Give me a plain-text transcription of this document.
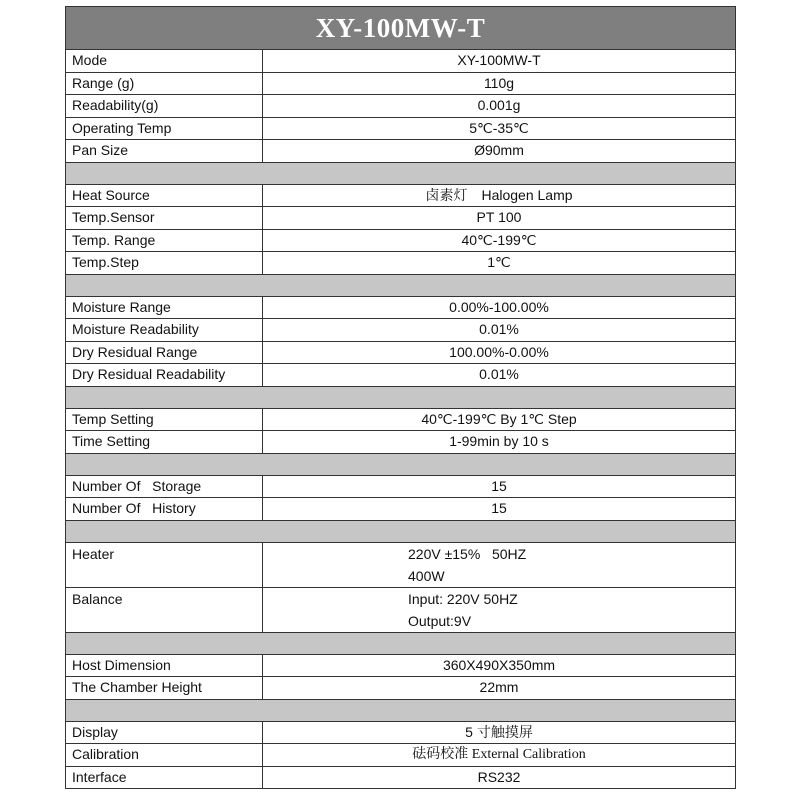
XY-100MW-T	
Mode	XY-100MW-T
Range (g)	110g
Readability(g)	0.001g
Operating Temp	5℃-35℃
Pan Size	Ø90mm

Heat Source	卤素灯　Halogen Lamp
Temp.Sensor	PT 100
Temp. Range	40℃-199℃
Temp.Step	1℃

Moisture Range	0.00%-100.00%
Moisture Readability	0.01%
Dry Residual Range	100.00%-0.00%
Dry Residual Readability	0.01%

Temp Setting	40℃-199℃ By 1℃ Step
Time Setting	1-99min by 10 s

Number Of   Storage	15
Number Of   History	15

Heater	220V ±15%   50HZ
400W

Balance	Input: 220V 50HZ
Output:9V

Host Dimension	360X490X350mm
The Chamber Height	22mm

Display	5 寸触摸屏
Calibration	砝码校准 External Calibration
Interface	RS232
